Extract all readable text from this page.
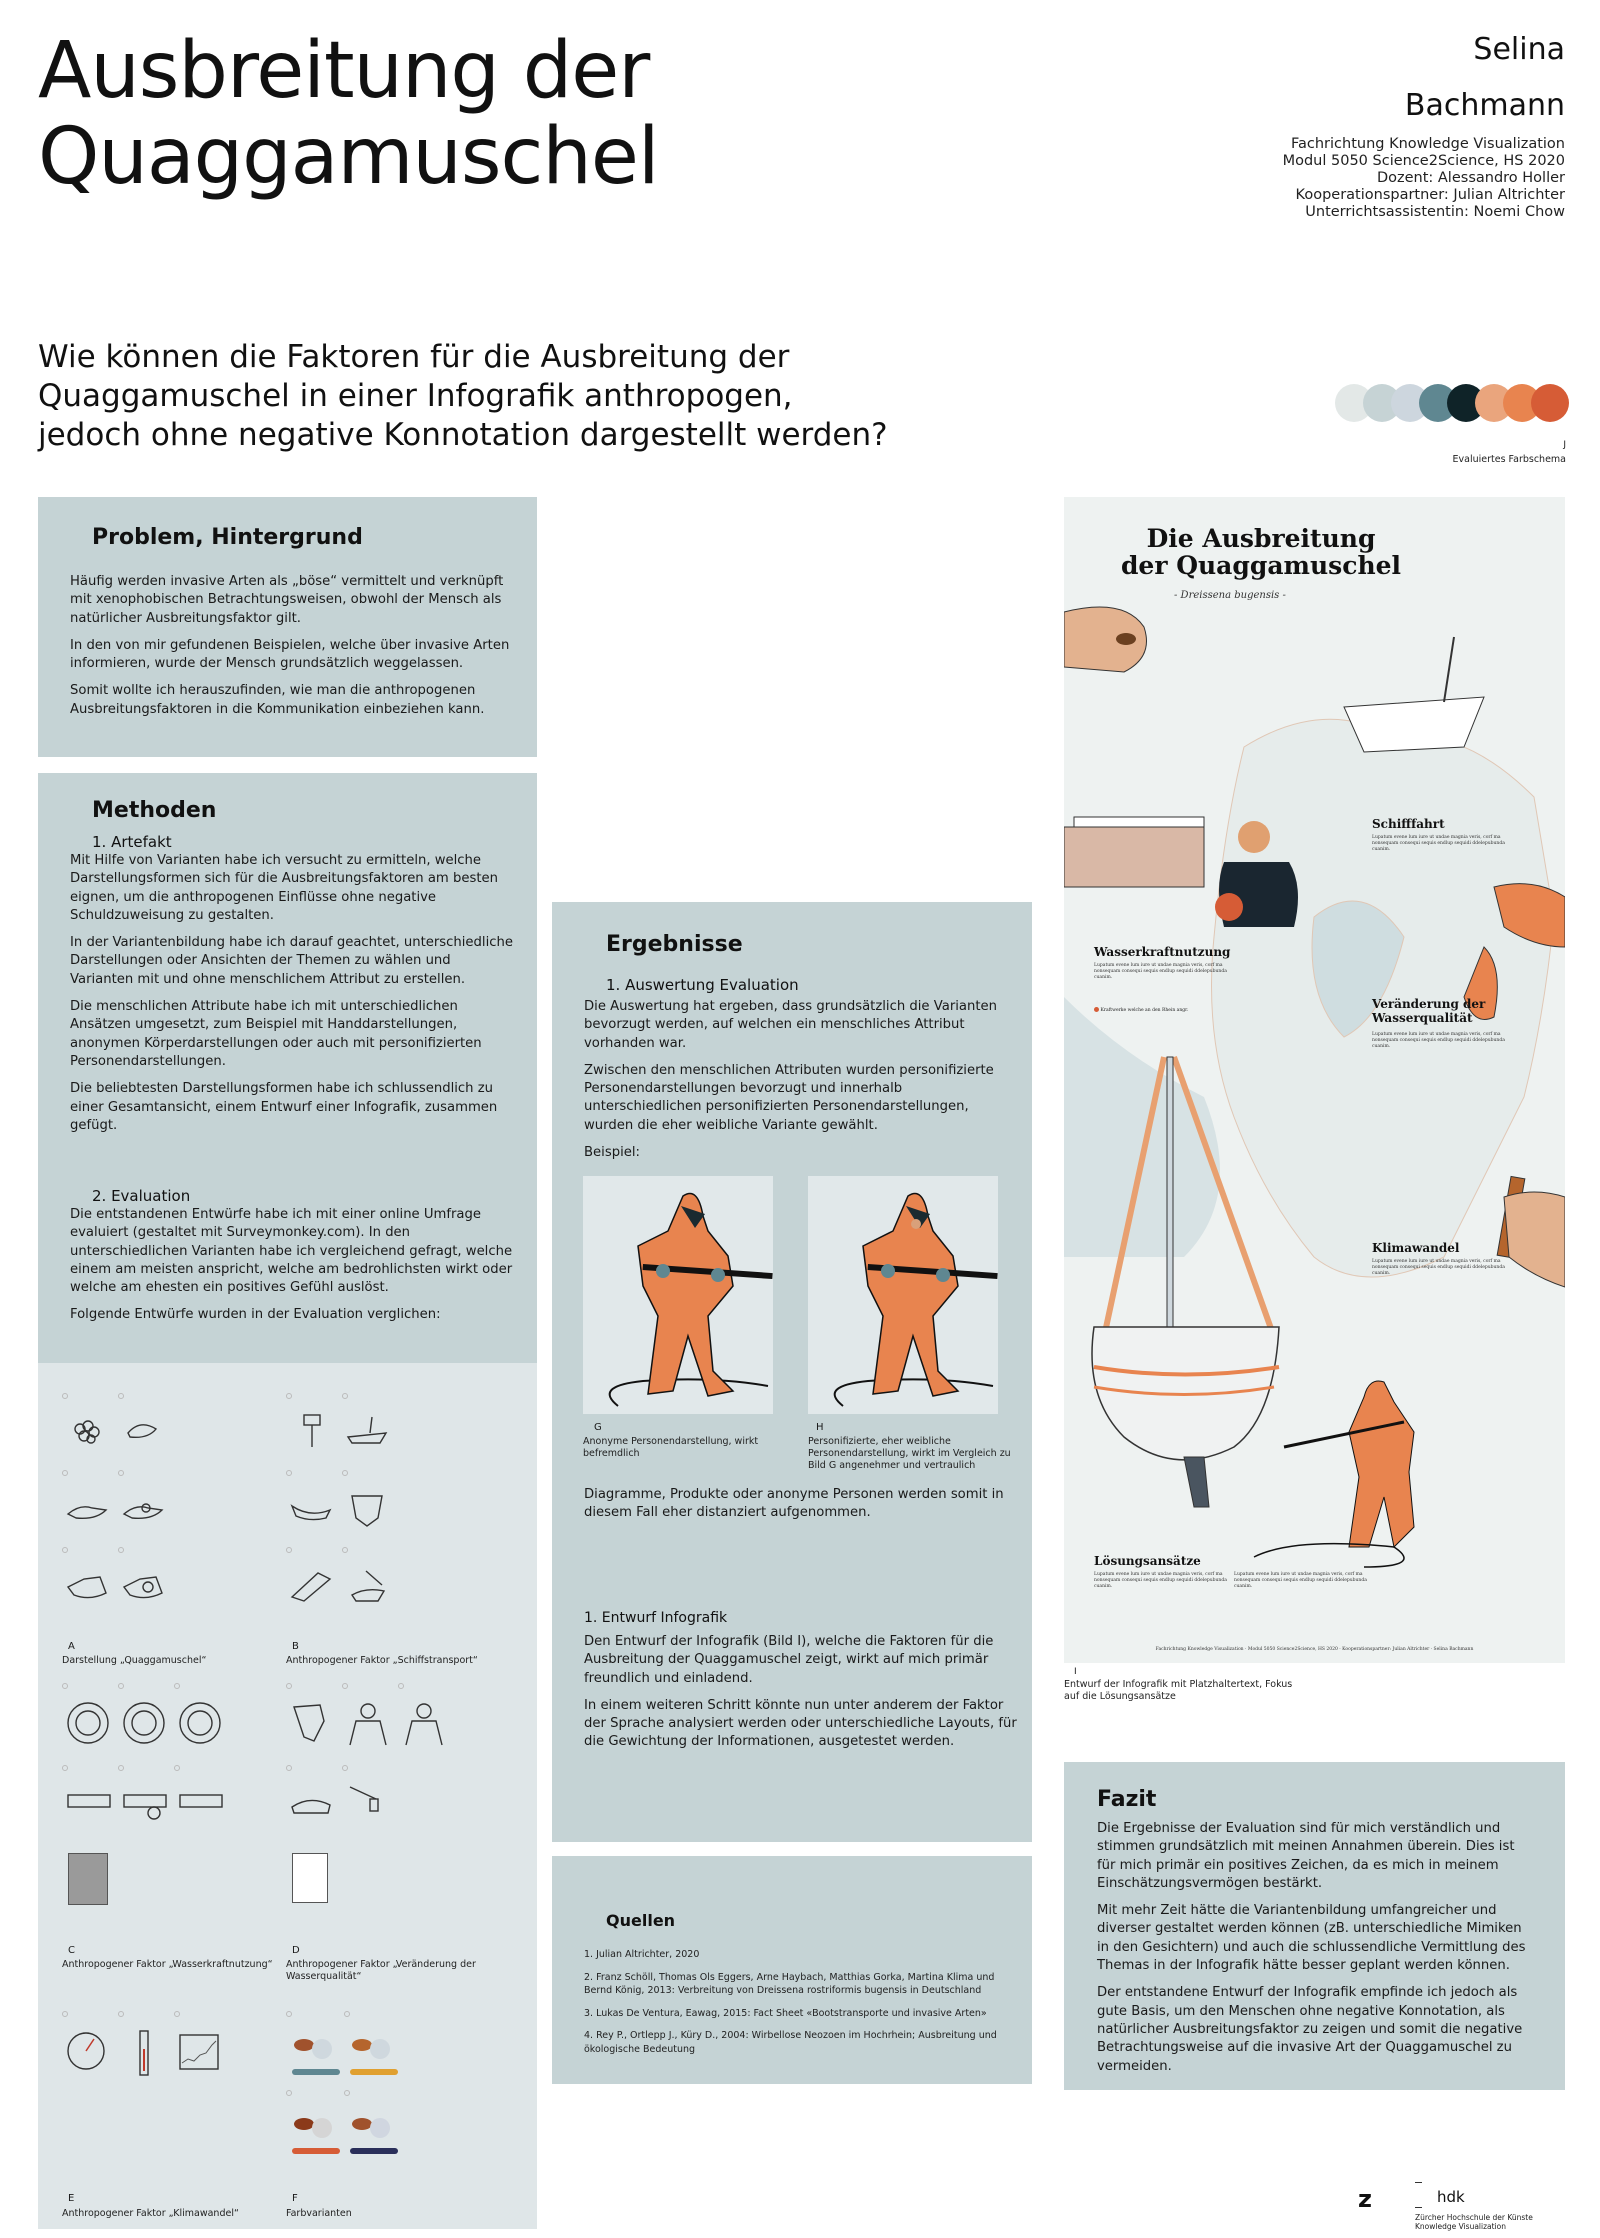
Ausbreitung der
Quaggamuschel
Selina
Bachmann
Fachrichtung Knowledge Visualization
Modul 5050 Science2Science, HS 2020
Dozent: Alessandro Holler
Kooperationspartner: Julian Altrichter
Unterrichtsassistentin: Noemi Chow
Wie können die Faktoren für die Ausbreitung der
Quaggamuschel in einer Infografik anthropogen,
jedoch ohne negative Konnotation dargestellt werden?	J
Evaluiertes Farbschema
Problem, Hintergrund

Häufig werden invasive Arten als „böse“ vermittelt und verknüpft mit xenophobischen Betrachtungsweisen, obwohl der Mensch als natürlicher Ausbreitungsfaktor gilt.

In den von mir gefundenen Beispielen, welche über invasive Arten informieren, wurde der Mensch grundsätzlich weggelassen.

Somit wollte ich herauszufinden, wie man die anthropogenen Ausbreitungsfaktoren in die Kommunikation einbeziehen kann.

Methoden
1. Artefakt

Mit Hilfe von Varianten habe ich versucht zu ermitteln, welche Darstellungsformen sich für die Ausbreitungsfaktoren am besten eignen, um die anthropogenen Einflüsse ohne negative Schuldzuweisung zu gestalten.

In der Variantenbildung habe ich darauf geachtet, unterschiedliche Darstellungen oder Ansichten der Themen zu wählen und Varianten mit und ohne menschlichem Attribut zu erstellen.

Die menschlichen Attribute habe ich mit unterschiedlichen Ansätzen umgesetzt, zum Beispiel mit Handdarstellungen, anonymen Körperdarstellungen oder auch mit personifizierten Personendarstellungen.

Die beliebtesten Darstellungsformen habe ich schlussendlich zu einer Gesamtansicht, einem Entwurf einer Infografik, zusammen gefügt.

2. Evaluation

Die entstandenen Entwürfe habe ich mit einer online Umfrage evaluiert (gestaltet mit Surveymonkey.com). In den unterschiedlichen Varianten habe ich vergleichend gefragt, welche einem am meisten anspricht, welche am bedrohlichsten wirkt oder welche am ehesten ein positives Gefühl auslöst.

Folgende Entwürfe wurden in der Evaluation verglichen:

A
Darstellung „Quaggamuschel“
B
Anthropogener Faktor „Schiffstransport“
C
Anthropogener Faktor „Wasserkraftnutzung“
D
Anthropogener Faktor „Veränderung der Wasserqualität“
E
Anthropogener Faktor „Klimawandel“
F
Farbvarianten
Ergebnisse
1. Auswertung Evaluation

Die Auswertung hat ergeben, dass grundsätzlich die Varianten bevorzugt werden, auf welchen ein menschliches Attribut vorhanden war.

Zwischen den menschlichen Attributen wurden personifizierte Personendarstellungen bevorzugt und innerhalb unterschiedlichen personifizierten Personendarstellungen, wurden die eher weibliche Variante gewählt.

Beispiel:

G
Anonyme Personendarstellung, wirkt befremdlich
H
Personifizierte, eher weibliche Personendarstellung, wirkt im Vergleich zu Bild G angenehmer und vertraulich
Diagramme, Produkte oder anonyme Personen werden somit in diesem Fall eher distanziert aufgenommen.
1. Entwurf Infografik

Den Entwurf der Infografik (Bild I), welche die Faktoren für die Ausbreitung der Quaggamuschel zeigt, wirkt auf mich primär freundlich und einladend.

In einem weiteren Schritt könnte nun unter anderem der Faktor der Sprache analysiert werden oder unterschiedliche Layouts, für die Gewichtung der Informationen, ausgetestet werden.

Quellen
1. Julian Altrichter, 2020
2. Franz Schöll, Thomas Ols Eggers, Arne Haybach, Matthias Gorka, Martina Klima und Bernd König, 2013: Verbreitung von Dreissena rostriformis bugensis in Deutschland
3. Lukas De Ventura, Eawag, 2015: Fact Sheet «Bootstransporte und invasive Arten»
4. Rey P., Ortlepp J., Küry D., 2004: Wirbellose Neozoen im Hochrhein; Ausbreitung und ökologische Bedeutung
Die Ausbreitung
der Quaggamuschel
- Dreissena bugensis -
Schifffahrt
Lupatum evene lum iure ut undae magnia veris, corf ma nonsequam consequi sequis endlup sequidi ddelepubunda cuanim.
Wasserkraftnutzung
Lupatum evene lum iure ut undae magnia veris, corf ma nonsequam consequi sequis endlup sequidi ddelepubunda cuanim.
Kraftwerke welche an den Rhein angr.	Veränderung der
Wasserqualität
Lupatum evene lum iure ut undae magnia veris, corf ma nonsequam consequi sequis endlup sequidi ddelepubunda cuanim.
Klimawandel
Lupatum evene lum iure ut undae magnia veris, corf ma nonsequam consequi sequis endlup sequidi ddelepubunda cuanim.
Lösungsansätze
Lupatum evene lum iure ut undae magnia veris, corf ma nonsequam consequi sequis endlup sequidi ddelepubunda cuanim.
Lupatum evene lum iure ut undae magnia veris, corf ma nonsequam consequi sequis endlup sequidi ddelepubunda cuanim.
Fachrichtung Knowledge Visualization · Modul 5050 Science2Science, HS 2020 · Kooperationspartner: Julian Altrichter · Selina Bachmann
I
Entwurf der Infografik mit Platzhaltertext, Fokus auf die Lösungsansätze
Fazit

Die Ergebnisse der Evaluation sind für mich verständlich und stimmen grundsätzlich mit meinen Annahmen überein. Dies ist für mich primär ein positives Zeichen, da es mich in meinem Einschätzungsvermögen bestärkt.

Mit mehr Zeit hätte die Variantenbildung umfangreicher und diverser gestaltet werden können (zB. unterschiedliche Mimiken in den Gesichtern) und auch die schlussendliche Vermittlung des Themas in der Infografik hätte besser geplant werden können.

Der entstandene Entwurf der Infografik empfinde ich jedoch als gute Basis, um den Menschen ohne negative Konnotation, als natürlicher Ausbreitungsfaktor zu zeigen und somit die negative Betrachtungsweise auf die invasive Art der Quaggamuschel zu vermeiden.

z	hdk
Zürcher Hochschule der Künste
Knowledge Visualization
